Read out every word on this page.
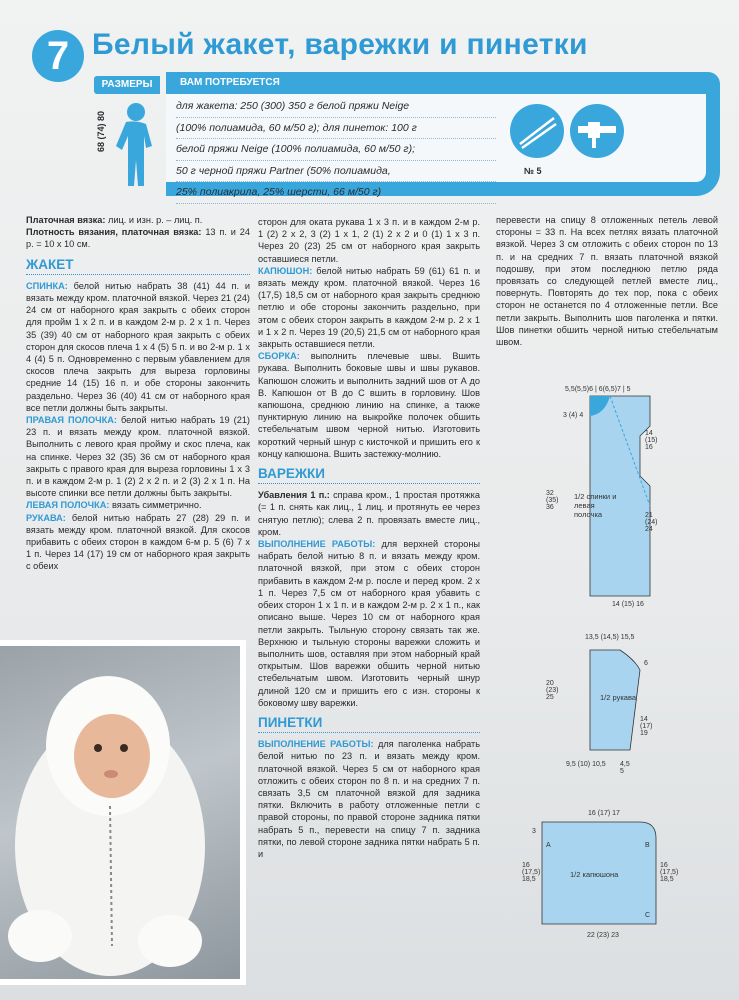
7 Белый жакет, варежки и пинетки
РАЗМЕРЫ
68 (74) 80
ВАМ ПОТРЕБУЕТСЯ
для жакета: 250 (300) 350 г белой пряжи Neige
(100% полиамида, 60 м/50 г); для пинеток: 100 г
белой пряжи Neige (100% полиамида, 60 м/50 г);
50 г черной пряжи Partner (50% полиамида,
25% полиакрила, 25% шерсти, 66 м/50 г)
№ 5

Платочная вязка: лиц. и изн. р. – лиц. п.

Плотность вязания, платочная вязка: 13 п. и 24 р. = 10 х 10 см.

ЖАКЕТ

СПИНКА: белой нитью набрать 38 (41) 44 п. и вязать между кром. платочной вязкой. Через 21 (24) 24 см от наборного края закрыть с обеих сторон для пройм 1 х 2 п. и в каждом 2-м р. 2 х 1 п. Через 35 (39) 40 см от наборного края закрыть с обеих сторон для скосов плеча 1 х 4 (5) 5 п. и во 2-м р. 1 х 4 (4) 5 п. Одновременно с первым убавлением для скосов плеча закрыть для выреза горловины средние 14 (15) 16 п. и обе стороны закончить раздельно. Через 36 (40) 41 см от наборного края все петли должны быть закрыты.

ПРАВАЯ ПОЛОЧКА: белой нитью набрать 19 (21) 23 п. и вязать между кром. платочной вязкой. Выполнить с левого края пройму и скос плеча, как на спинке. Через 32 (35) 36 см от наборного края закрыть с правого края для выреза горловины 1 х 3 п. и в каждом 2-м р. 1 (2) 2 х 2 п. и 2 (3) 2 х 1 п. На высоте спинки все петли должны быть закрыты.

ЛЕВАЯ ПОЛОЧКА: вязать симметрично.

РУКАВА: белой нитью набрать 27 (28) 29 п. и вязать между кром. платочной вязкой. Для скосов прибавить с обеих сторон в каждом 6-м р. 5 (6) 7 х 1 п. Через 14 (17) 19 см от наборного края закрыть с обеих

сторон для оката рукава 1 х 3 п. и в каждом 2-м р. 1 (2) 2 х 2, 3 (2) 1 х 1, 2 (1) 2 х 2 и 0 (1) 1 х 3 п. Через 20 (23) 25 см от наборного края закрыть оставшиеся петли.

КАПЮШОН: белой нитью набрать 59 (61) 61 п. и вязать между кром. платочной вязкой. Через 16 (17,5) 18,5 см от наборного края закрыть среднюю петлю и обе стороны закончить раздельно, при этом с обеих сторон закрыть в каждом 2-м р. 2 х 1 и 1 х 2 п. Через 19 (20,5) 21,5 см от наборного края закрыть оставшиеся петли.

СБОРКА: выполнить плечевые швы. Вшить рукава. Выполнить боковые швы и швы рукавов. Капюшон сложить и выполнить задний шов от А до В. Капюшон от В до С вшить в горловину. Шов капюшона, среднюю линию на спинке, а также пунктирную линию на выкройке полочек обшить стебельчатым швом черной нитью. Изготовить короткий черный шнур с кисточкой и пришить его к концу капюшона. Вшить застежку-молнию.

ВАРЕЖКИ

Убавления 1 п.: справа кром., 1 простая протяжка (= 1 п. снять как лиц., 1 лиц. и протянуть ее через снятую петлю); слева 2 п. провязать вместе лиц., кром.

ВЫПОЛНЕНИЕ РАБОТЫ: для верхней стороны набрать белой нитью 8 п. и вязать между кром. платочной вязкой, при этом с обеих сторон прибавить в каждом 2-м р. после и перед кром. 2 х 1 п. Через 7,5 см от наборного края убавить с обеих сторон 1 х 1 п. и в каждом 2-м р. 2 х 1 п., как описано выше. Через 10 см от наборного края петли закрыть. Тыльную сторону связать так же. Верхнюю и тыльную стороны варежки сложить и выполнить шов, оставляя при этом наборный край открытым. Шов варежки обшить черной нитью стебельчатым швом. Изготовить черный шнур длиной 120 см и пришить его с изн. стороны к боковому шву варежки.

ПИНЕТКИ

ВЫПОЛНЕНИЕ РАБОТЫ: для паголенка набрать белой нитью по 23 п. и вязать между кром. платочной вязкой. Через 5 см от наборного края отложить с обеих сторон по 8 п. и на средних 7 п. связать 3,5 см платочной вязкой для задника пятки. Включить в работу отложенные петли с правой стороны, по правой стороне задника пятки набрать 5 п., перевести на спицу 7 п. задника пятки, по левой стороне задника пятки набрать 5 п. и

перевести на спицу 8 отложенных петель левой стороны = 33 п. На всех петлях вязать платочной вязкой. Через 3 см отложить с обеих сторон по 13 п. и на средних 7 п. вязать платочной вязкой подошву, при этом последнюю петлю ряда провязать со следующей петлей вместе лиц., повернуть. Повторять до тех пор, пока с обеих сторон не останется по 4 отложенные петли. Все петли закрыть. Выполнить шов паголенка и пятки. Шов пинетки обшить черной нитью стебельчатым швом.

5,5(5,5)6 | 6(6,5)7 | 5
3 (4) 4
32 (35) 36
1/2 спинки и левая полочка
14 (15) 16
21 (24) 24
14 (15) 16
13,5 (14,5) 15,5
6
20 (23) 25	1/2 рукава
14 (17) 19
9,5 (10) 10,5 4,5 5
16 (17) 17
3
16 (17,5) 18,5
16 (17,5) 18,5
A	B
C
1/2 капюшона
22 (23) 23
